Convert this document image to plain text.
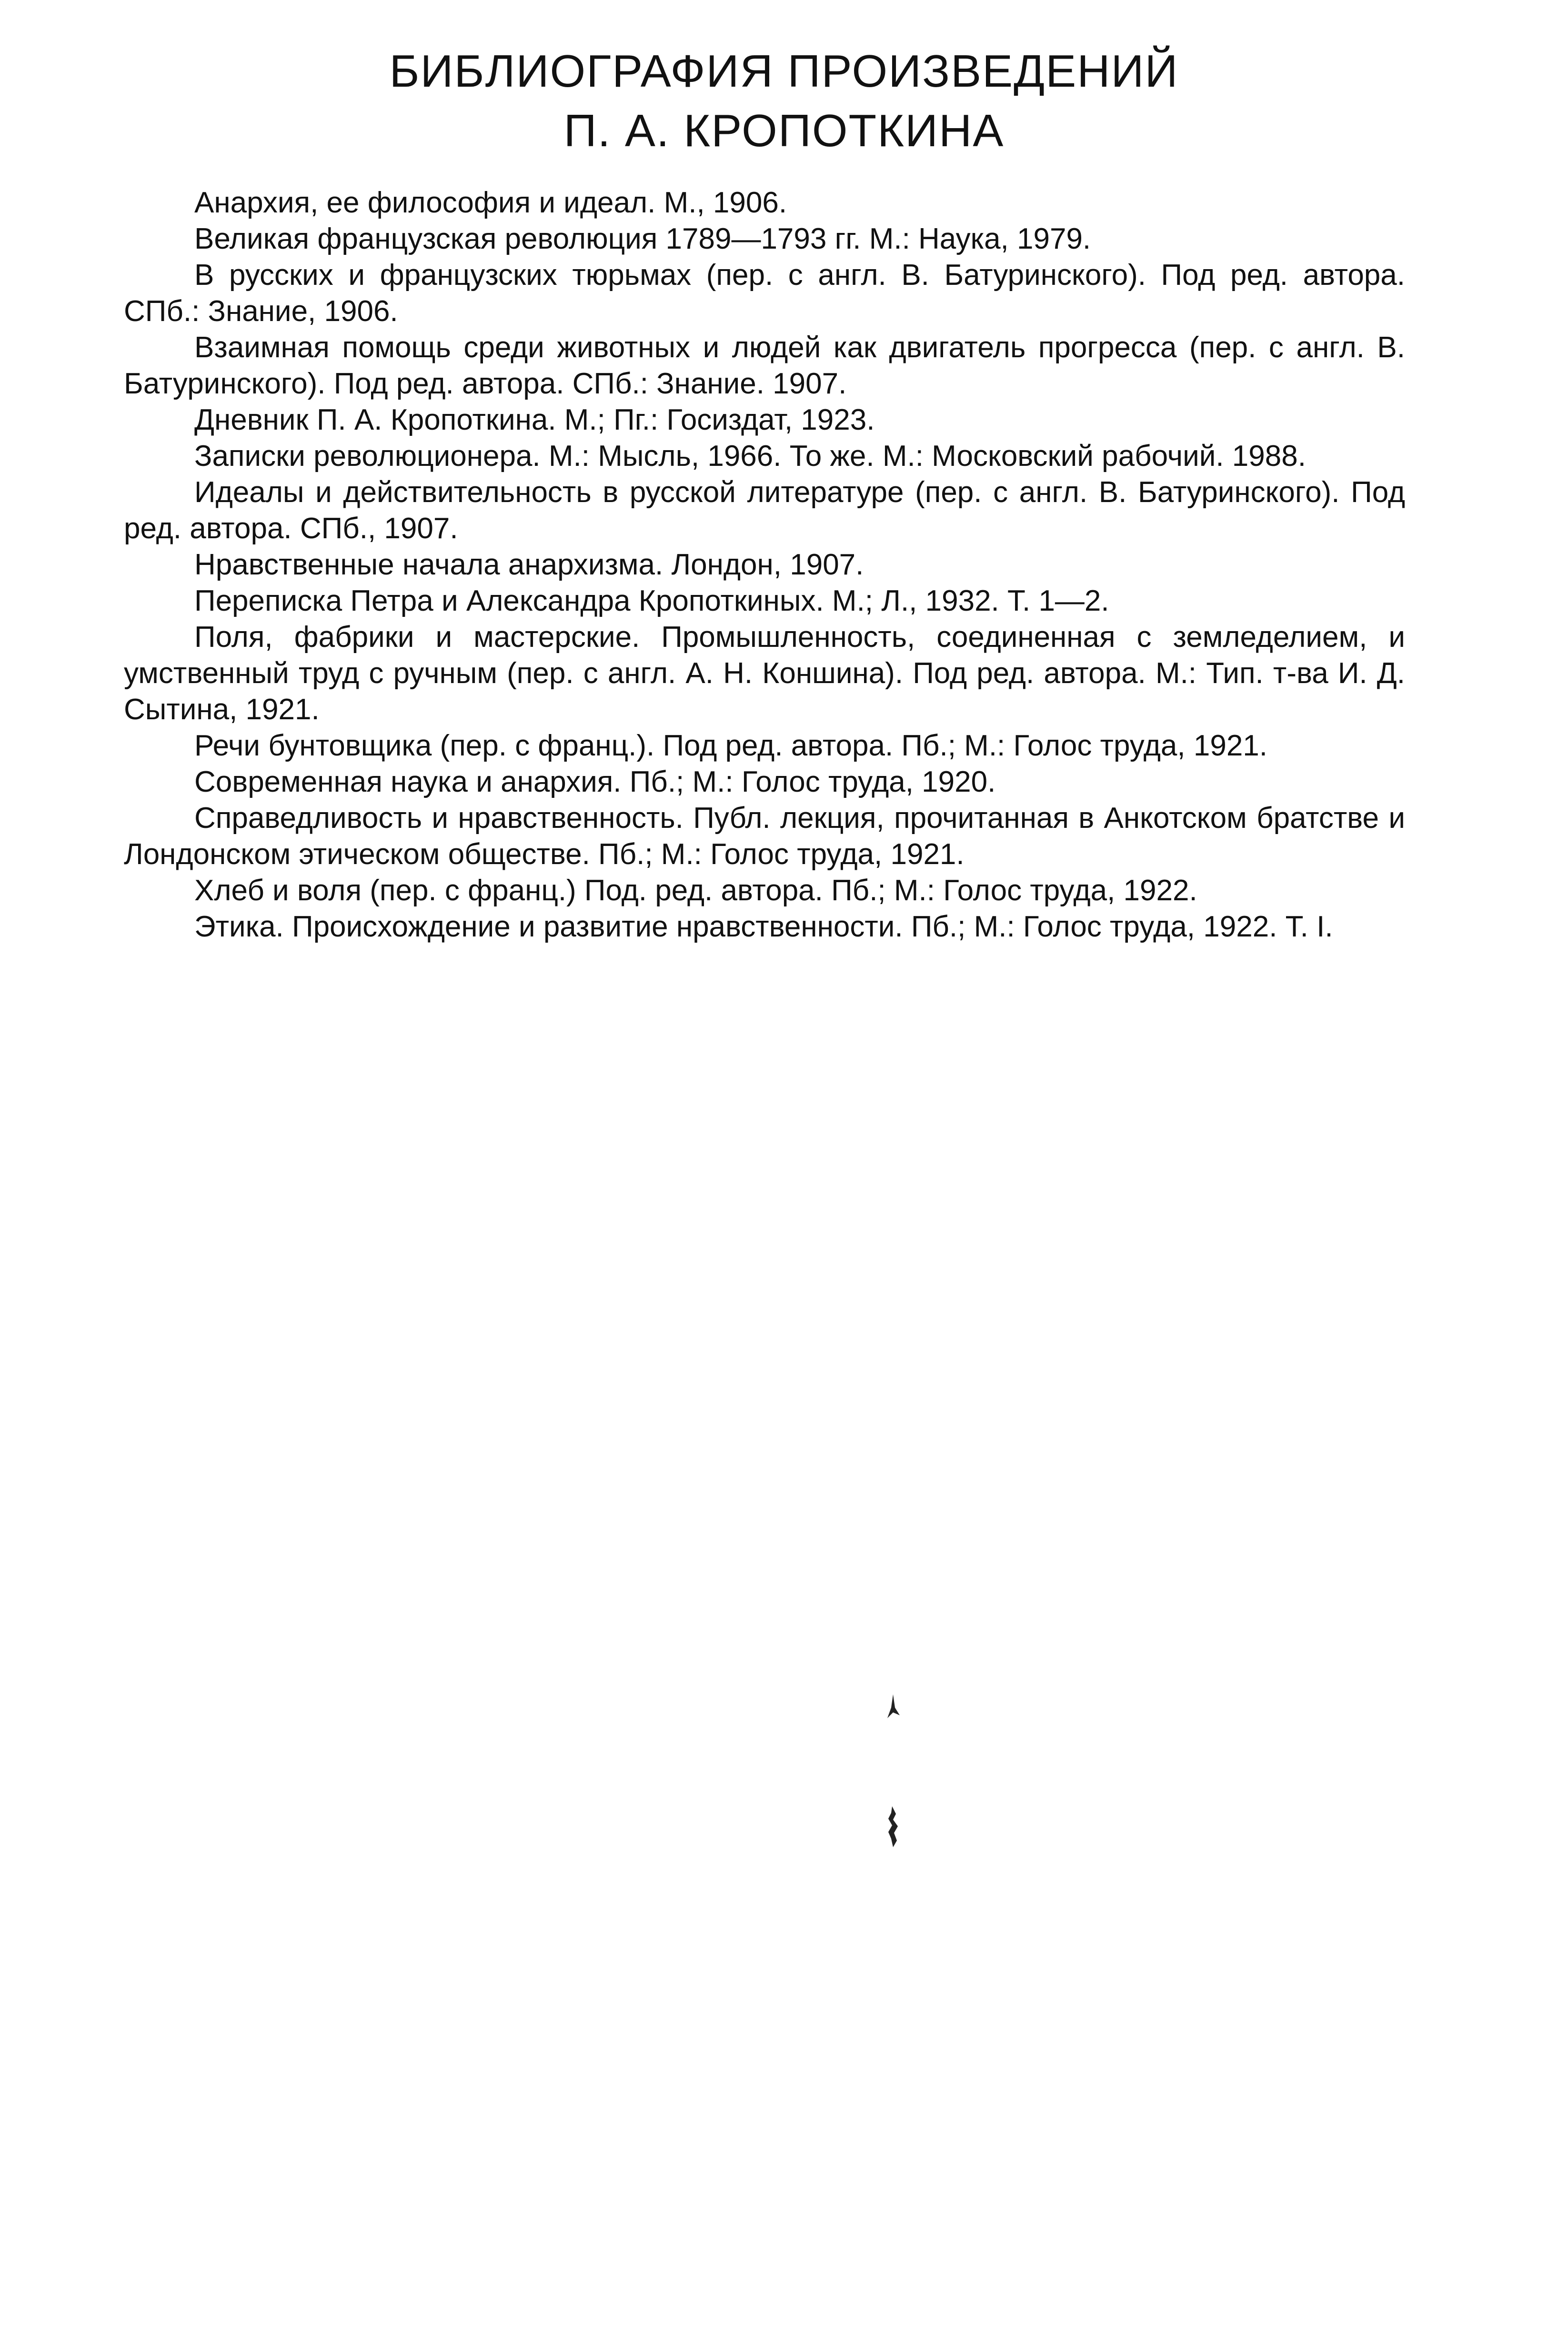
БИБЛИОГРАФИЯ ПРОИЗВЕДЕНИЙ
П. А. КРОПОТКИНА

Анархия, ее философия и идеал. М., 1906.

Великая французская революция 1789—1793 гг. М.: Наука, 1979.

В русских и французских тюрьмах (пер. с англ. В. Батуринского). Под ред. автора. СПб.: Знание, 1906.

Взаимная помощь среди животных и людей как двигатель прогресса (пер. с англ. В. Батуринского). Под ред. автора. СПб.: Знание. 1907.

Дневник П. А. Кропоткина. М.; Пг.: Госиздат, 1923.

Записки революционера. М.: Мысль, 1966. То же. М.: Московский рабочий. 1988.

Идеалы и действительность в русской литературе (пер. с англ. В. Батуринского). Под ред. автора. СПб., 1907.

Нравственные начала анархизма. Лондон, 1907.

Переписка Петра и Александра Кропоткиных. М.; Л., 1932. Т. 1—2.

Поля, фабрики и мастерские. Промышленность, соединенная с земледелием, и умственный труд с ручным (пер. с англ. А. Н. Коншина). Под ред. автора. М.: Тип. т-ва И. Д. Сытина, 1921.

Речи бунтовщика (пер. с франц.). Под ред. автора. Пб.; М.: Голос труда, 1921.

Современная наука и анархия. Пб.; М.: Голос труда, 1920.

Справедливость и нравственность. Публ. лекция, прочитанная в Анкотском братстве и Лондонском этическом обществе. Пб.; М.: Голос труда, 1921.

Хлеб и воля (пер. с франц.) Под. ред. автора. Пб.; М.: Голос труда, 1922.

Этика. Происхождение и развитие нравственности. Пб.; М.: Голос труда, 1922. Т. I.
